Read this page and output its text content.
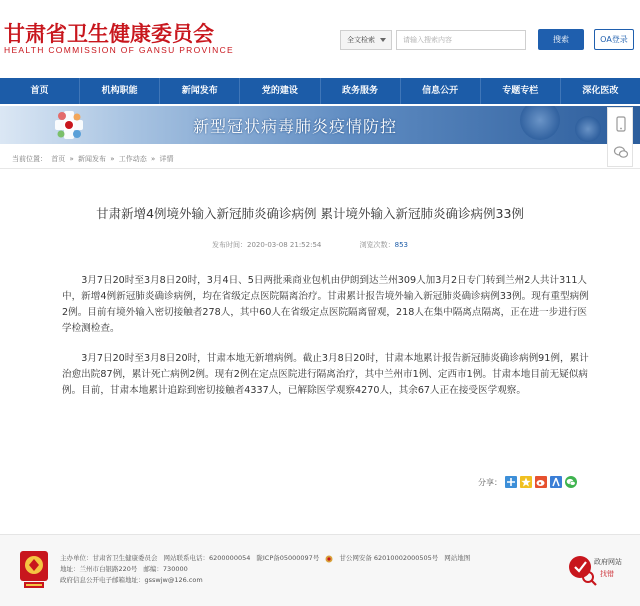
甘肃省卫生健康委员会
HEALTH COMMISSION OF GANSU PROVINCE
全文检索
请输入搜索内容	搜索	OA登录
首页	机构职能	新闻发布	党的建设	政务服务	信息公开	专题专栏	深化医改
新型冠状病毒肺炎疫情防控
当前位置： 首页 » 新闻发布 » 工作动态 » 详情
甘肃新增4例境外输入新冠肺炎确诊病例 累计境外输入新冠肺炎确诊病例33例
发布时间：2020-03-08 21:52:54	浏览次数：853
3月7日20时至3月8日20时，3月4日、5日两批乘商业包机由伊朗到达兰州309人加3月2日专门转到兰州2人共计311人中，新增4例新冠肺炎确诊病例，均在省级定点医院隔离治疗。甘肃累计报告境外输入新冠肺炎确诊病例33例。现有重型病例2例。目前有境外输入密切接触者278人，其中60人在省级定点医院隔离留观，218人在集中隔离点隔离，正在进一步进行医学检测检查。
3月7日20时至3月8日20时，甘肃本地无新增病例。截止3月8日20时，甘肃本地累计报告新冠肺炎确诊病例91例，累计治愈出院87例，累计死亡病例2例。现有2例在定点医院进行隔离治疗，其中兰州市1例、定西市1例。甘肃本地目前无疑似病例。目前，甘肃本地累计追踪到密切接触者4337人，已解除医学观察4270人，其余67人正在接受医学观察。
分享：
主办单位：甘肃省卫生健康委员会 网站联系电话：6200000054 陇ICP备05000097号	甘公网安备 62010002000505号 网站地图
地址：兰州市白银路220号 邮编：730000
政府信息公开电子邮箱地址：gsswjw@126.com
政府网站
找错
